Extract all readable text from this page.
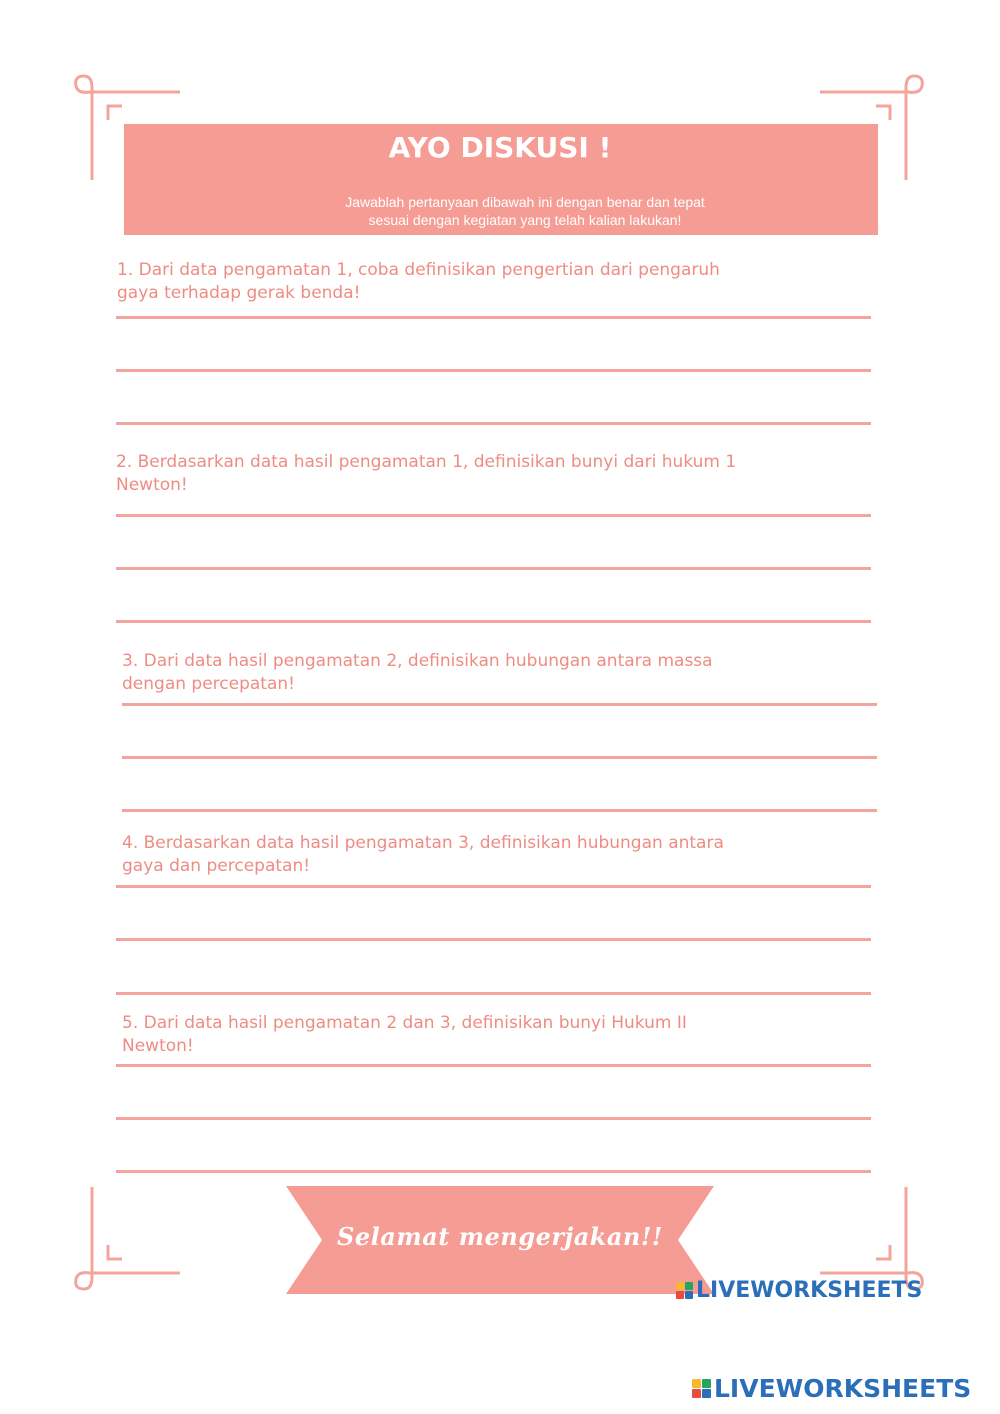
AYO DISKUSI !
Jawablah pertanyaan dibawah ini dengan benar dan tepat
sesuai dengan kegiatan yang telah kalian lakukan!
1. Dari data pengamatan 1, coba definisikan pengertian dari pengaruh
gaya terhadap gerak benda!
2. Berdasarkan data hasil pengamatan 1, definisikan bunyi dari hukum 1
Newton!
3. Dari data hasil pengamatan 2, definisikan hubungan antara massa
dengan percepatan!
4. Berdasarkan data hasil pengamatan 3, definisikan hubungan antara
gaya dan percepatan!
5. Dari data hasil pengamatan 2 dan 3, definisikan bunyi Hukum II
Newton!
Selamat mengerjakan!!
LIVEWORKSHEETS
LIVEWORKSHEETS
